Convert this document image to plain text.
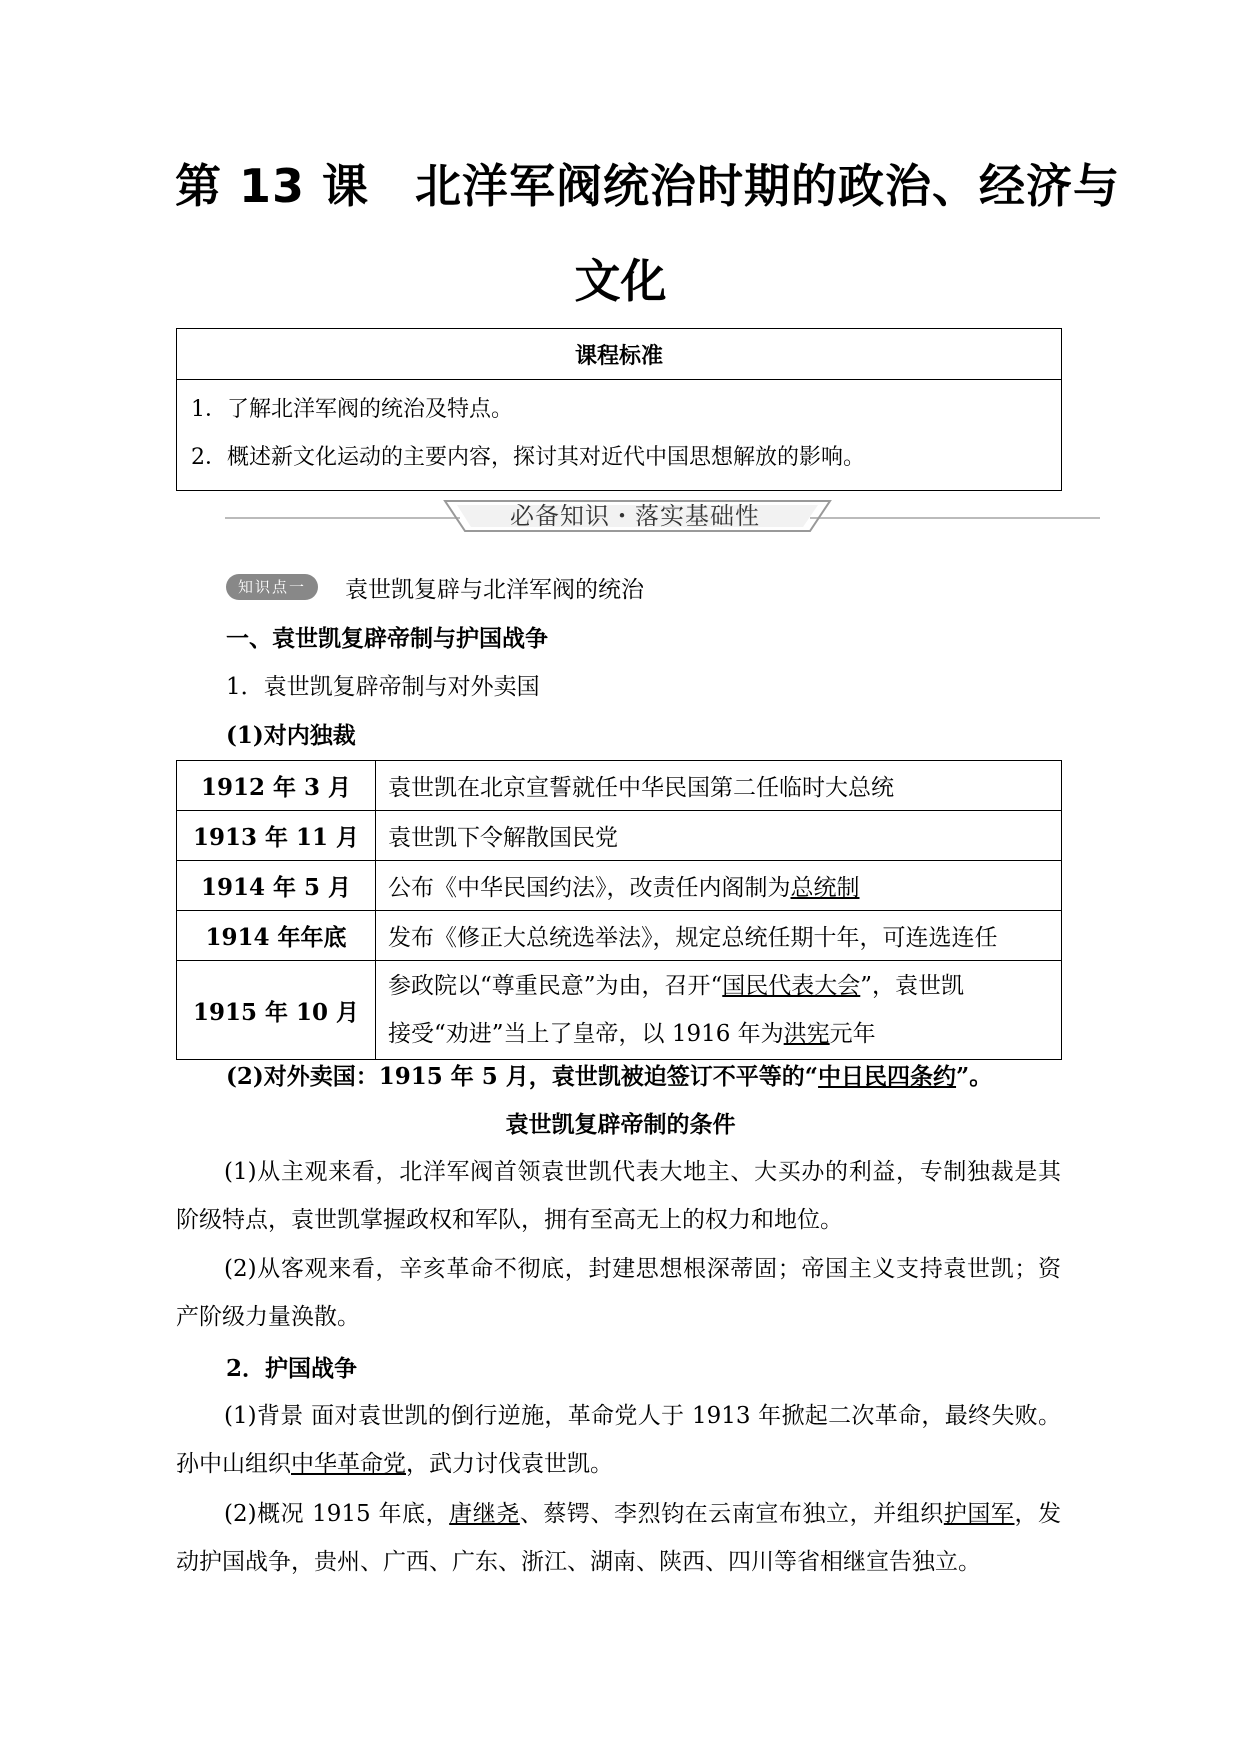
第 13 课 北洋军阀统治时期的政治、经济与
文化
课程标准

1．了解北洋军阀的统治及特点。
2．概述新文化运动的主要内容，探讨其对近代中国思想解放的影响。
必备知识・落实基础性
知识点一	袁世凯复辟与北洋军阀的统治
一、袁世凯复辟帝制与护国战争
1．袁世凯复辟帝制与对外卖国
(1)对内独裁
1912 年 3 月	袁世凯在北京宣誓就任中华民国第二任临时大总统
1913 年 11 月	袁世凯下令解散国民党
1914 年 5 月	公布《中华民国约法》，改责任内阁制为总统制
1914 年年底	发布《修正大总统选举法》，规定总统任期十年，可连选连任
1915 年 10 月	参政院以“尊重民意”为由，召开“国民代表大会”，袁世凯
接受“劝进”当上了皇帝，以 1916 年为洪宪元年
(2)对外卖国：1915 年 5 月，袁世凯被迫签订不平等的“中日民四条约”。
袁世凯复辟帝制的条件
(1)从主观来看，北洋军阀首领袁世凯代表大地主、大买办的利益，专制独裁是其阶级特点，袁世凯掌握政权和军队，拥有至高无上的权力和地位。
(2)从客观来看，辛亥革命不彻底，封建思想根深蒂固；帝国主义支持袁世凯；资产阶级力量涣散。
2．护国战争
(1)背景 面对袁世凯的倒行逆施，革命党人于 1913 年掀起二次革命，最终失败。孙中山组织中华革命党，武力讨伐袁世凯。
(2)概况 1915 年底，唐继尧、蔡锷、李烈钧在云南宣布独立，并组织护国军，发动护国战争，贵州、广西、广东、浙江、湖南、陕西、四川等省相继宣告独立。
